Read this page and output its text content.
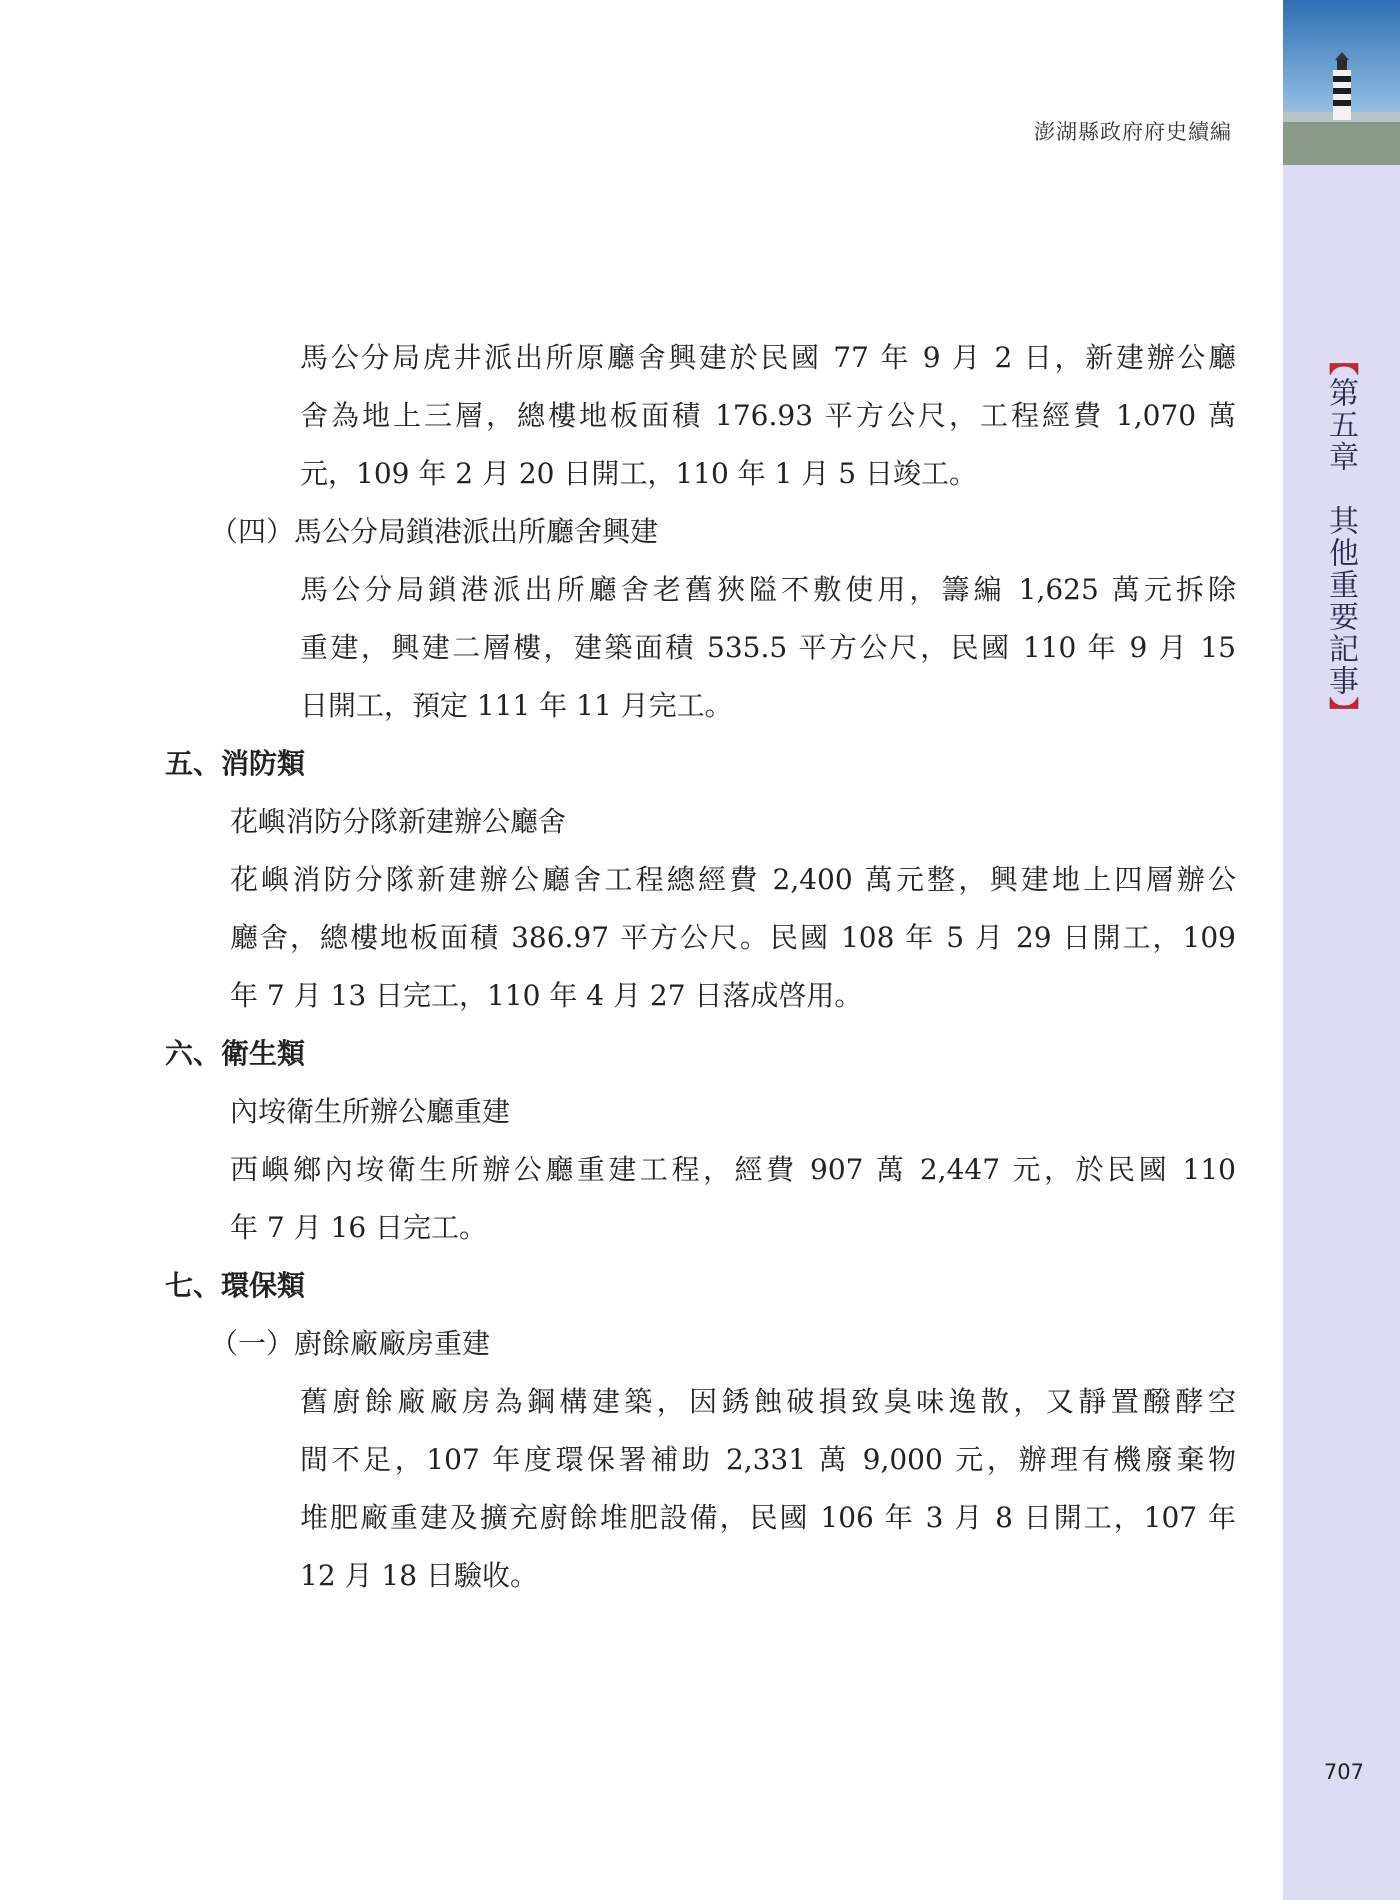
澎湖縣政府府史續編
【第五章　其他重要記事】
馬公分局虎井派出所原廳舍興建於民國 77 年 9 月 2 日，新建辦公廳
舍為地上三層，總樓地板面積 176.93 平方公尺，工程經費 1,070 萬
元，109 年 2 月 20 日開工，110 年 1 月 5 日竣工。
（四）馬公分局鎖港派出所廳舍興建
馬公分局鎖港派出所廳舍老舊狹隘不敷使用，籌編 1,625 萬元拆除
重建，興建二層樓，建築面積 535.5 平方公尺，民國 110 年 9 月 15
日開工，預定 111 年 11 月完工。
五、消防類
花嶼消防分隊新建辦公廳舍
花嶼消防分隊新建辦公廳舍工程總經費 2,400 萬元整，興建地上四層辦公
廳舍，總樓地板面積 386.97 平方公尺。民國 108 年 5 月 29 日開工，109
年 7 月 13 日完工，110 年 4 月 27 日落成啓用。
六、衛生類
內垵衛生所辦公廳重建
西嶼鄉內垵衛生所辦公廳重建工程，經費 907 萬 2,447 元，於民國 110
年 7 月 16 日完工。
七、環保類
（一）廚餘廠廠房重建
舊廚餘廠廠房為鋼構建築，因銹蝕破損致臭味逸散，又靜置醱酵空
間不足，107 年度環保署補助 2,331 萬 9,000 元，辦理有機廢棄物
堆肥廠重建及擴充廚餘堆肥設備，民國 106 年 3 月 8 日開工，107 年
12 月 18 日驗收。
707
